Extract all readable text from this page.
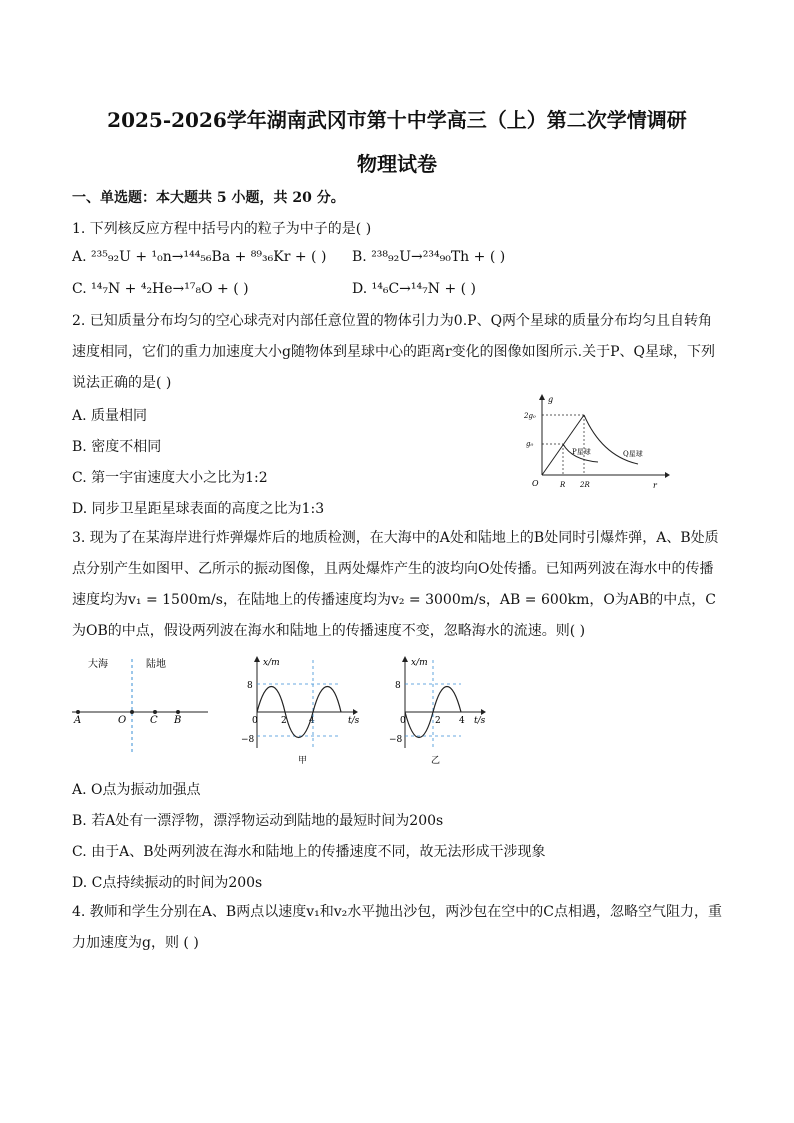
2025-2026学年湖南武冈市第十中学高三（上）第二次学情调研
物理试卷
一、单选题：本大题共 5 小题，共 20 分。
1. 下列核反应方程中括号内的粒子为中子的是( )
A. ²³⁵₉₂U + ¹₀n→¹⁴⁴₅₆Ba + ⁸⁹₃₆Kr + ( ) B. ²³⁸₉₂U→²³⁴₉₀Th + ( )
C. ¹⁴₇N + ⁴₂He→¹⁷₈O + ( )	D. ¹⁴₆C→¹⁴₇N + ( )
2. 已知质量分布均匀的空心球壳对内部任意位置的物体引力为0.P、Q两个星球的质量分布均匀且自转角速度相同，它们的重力加速度大小g随物体到星球中心的距离r变化的图像如图所示.关于P、Q星球，下列说法正确的是( )
A. 质量相同
B. 密度不相同
C. 第一宇宙速度大小之比为1:2
D. 同步卫星距星球表面的高度之比为1:3
g
r
O
2g₀
g₀
R 2R
P星球	Q星球
3. 现为了在某海岸进行炸弹爆炸后的地质检测，在大海中的A处和陆地上的B处同时引爆炸弹，A、B处质点分别产生如图甲、乙所示的振动图像，且两处爆炸产生的波均向O处传播。已知两列波在海水中的传播速度均为v₁ = 1500m/s，在陆地上的传播速度均为v₂ = 3000m/s，AB = 600km，O为AB的中点，C为OB的中点，假设两列波在海水和陆地上的传播速度不变，忽略海水的流速。则( )
大海	陆地
A	O C B
x/m
t/s
8
−8
0	2 4
甲
x/m
t/s
8
−8
0	2 4
乙
A. O点为振动加强点
B. 若A处有一漂浮物，漂浮物运动到陆地的最短时间为200s
C. 由于A、B处两列波在海水和陆地上的传播速度不同，故无法形成干涉现象
D. C点持续振动的时间为200s
4. 教师和学生分别在A、B两点以速度v₁和v₂水平抛出沙包，两沙包在空中的C点相遇，忽略空气阻力，重力加速度为g，则 ( )
